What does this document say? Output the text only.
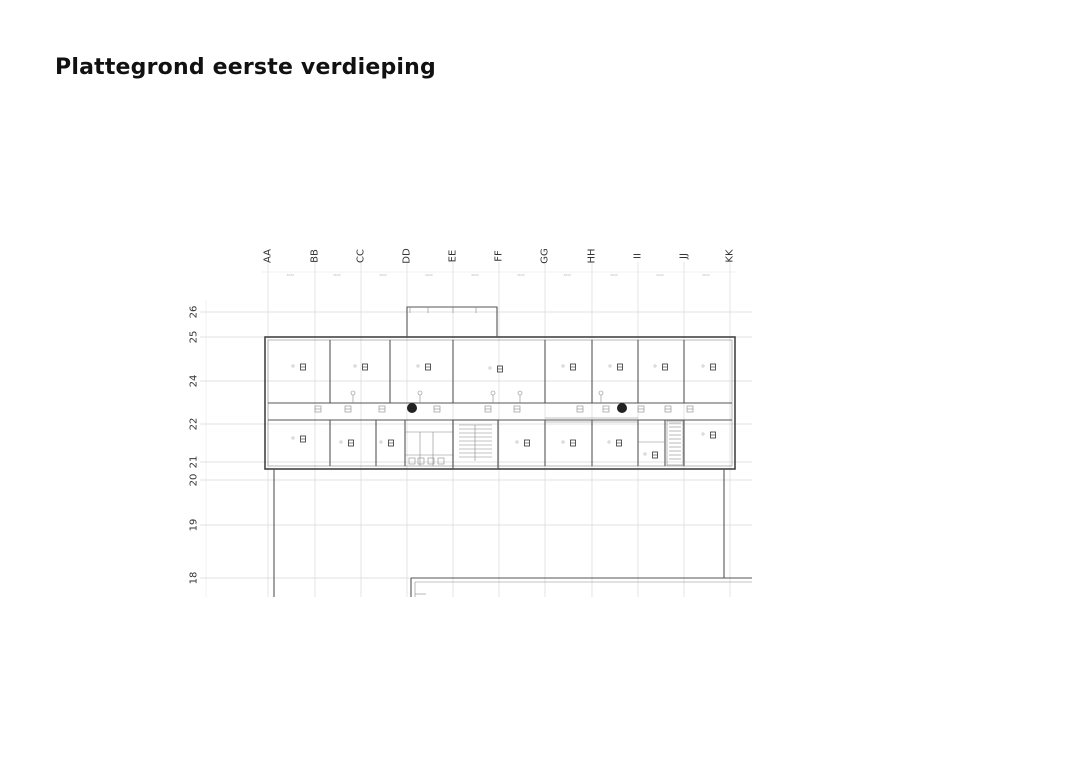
Plattegrond eerste verdieping
4600	4600	4600	4600	4600	4600	4600	4600	4600	4600
AA	BB	CC	DD	EE	FF	GG	HH	II	JJ	KK
26
25
24
22
21
20
19
18
